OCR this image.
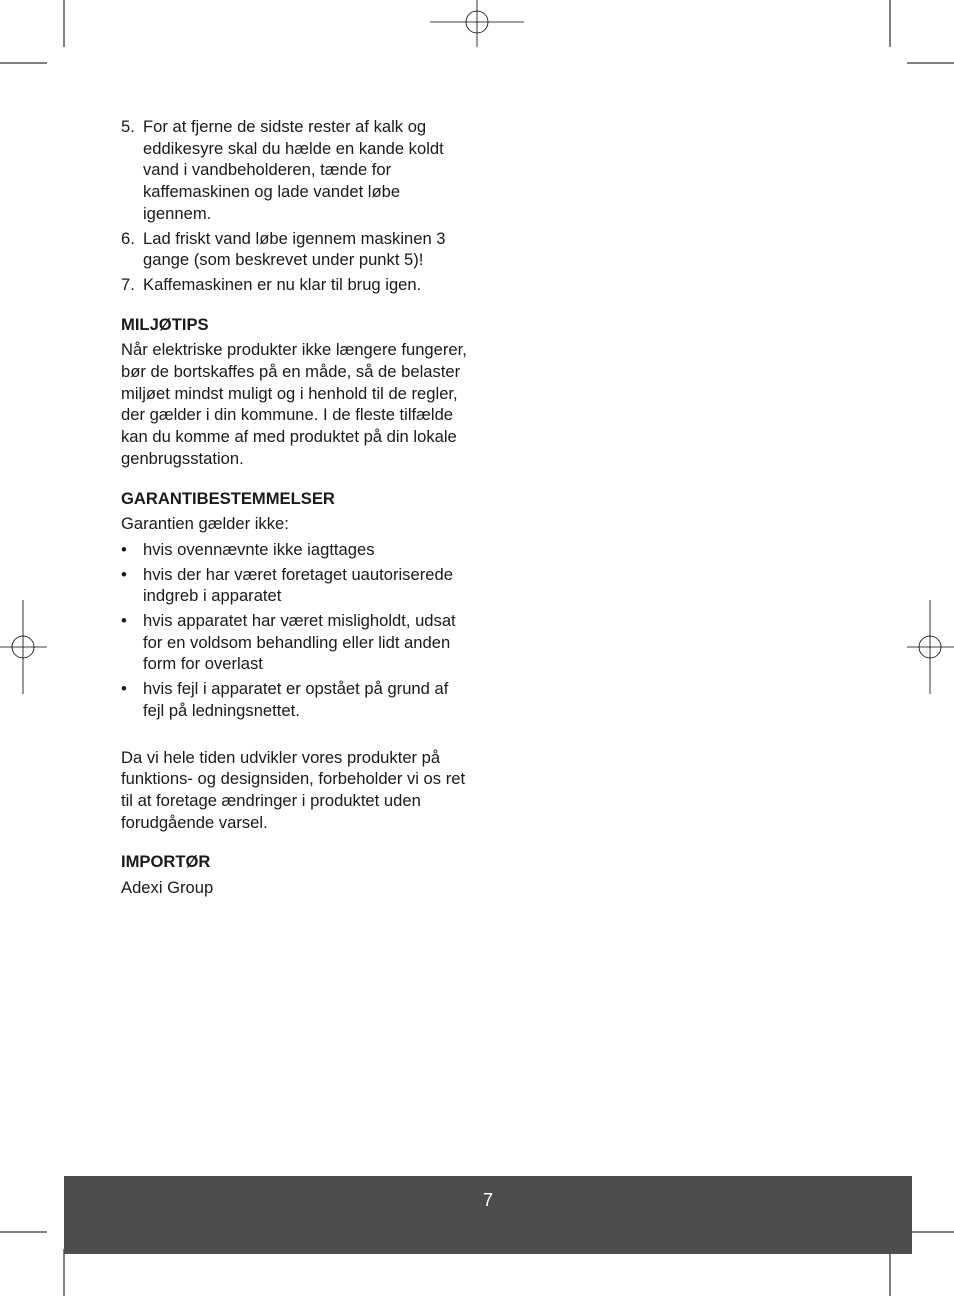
5. For at fjerne de sidste rester af kalk og eddikesyre skal du hælde en kande koldt vand i vandbeholderen, tænde for kaffemaskinen og lade vandet løbe igennem.
6. Lad friskt vand løbe igennem maskinen 3 gange (som beskrevet under punkt 5)!
7. Kaffemaskinen er nu klar til brug igen.
MILJØTIPS
Når elektriske produkter ikke længere fungerer, bør de bortskaffes på en måde, så de belaster miljøet mindst muligt og i henhold til de regler, der gælder i din kommune. I de fleste tilfælde kan du komme af med produktet på din lokale genbrugsstation.
GARANTIBESTEMMELSER
Garantien gælder ikke:
• hvis ovennævnte ikke iagttages
• hvis der har været foretaget uautoriserede indgreb i apparatet
• hvis apparatet har været misligholdt, udsat for en voldsom behandling eller lidt anden form for overlast
• hvis fejl i apparatet er opstået på grund af fejl på ledningsnettet.
Da vi hele tiden udvikler vores produkter på funktions- og designsiden, forbeholder vi os ret til at foretage ændringer i produktet uden forudgående varsel.
IMPORTØR
Adexi Group
7
